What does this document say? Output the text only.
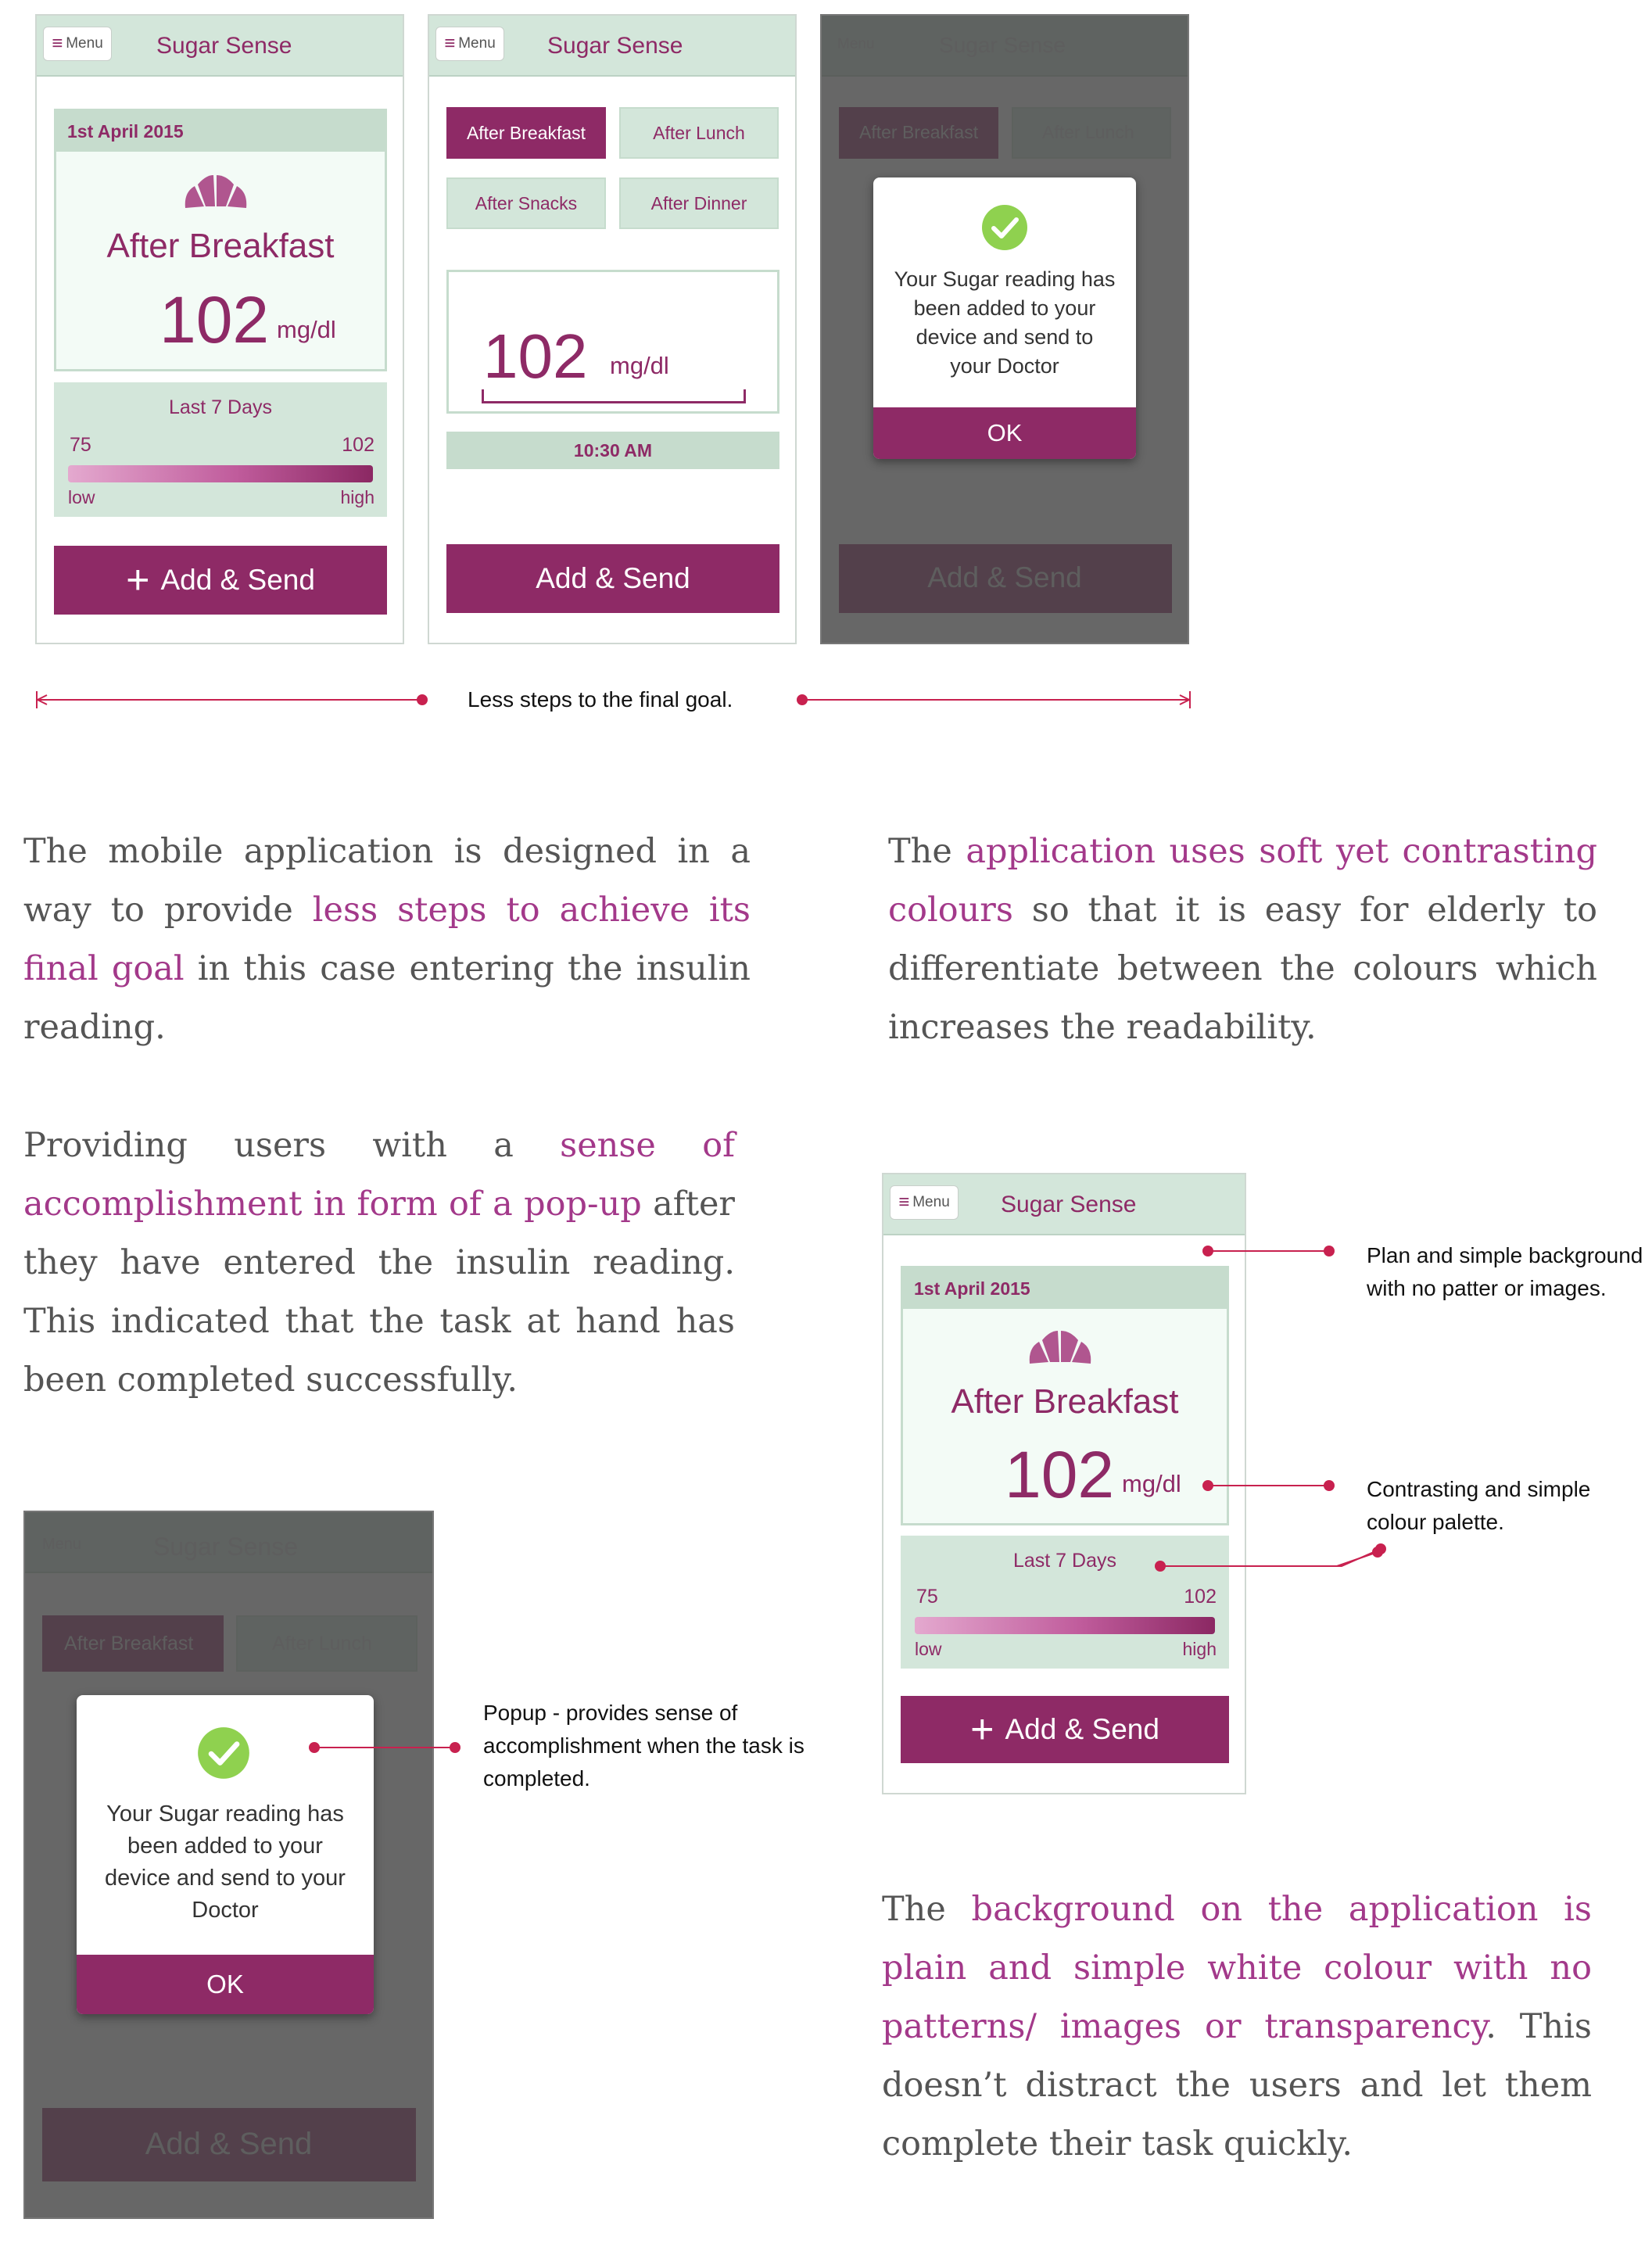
≡ Menu Sugar Sense
1st April 2015
After Breakfast
102 mg/dl
Last 7 Days
75	102
low	high
+ Add & Send
≡ Menu Sugar Sense
After Breakfast	After Lunch
After Snacks	After Dinner
102 mg/dl
10:30 AM
Add & Send
Menu	Sugar Sense
After Breakfast	After Lunch
Add & Send
Your Sugar reading has been added to your device and send to your Doctor
OK
Less steps to the final goal.
The mobile application is designed in a way to provide less steps to achieve its final goal in this case entering the insulin reading.
The application uses soft yet contrasting colours so that it is easy for elderly to differentiate between the colours which increases the readability.
Providing users with a sense of accomplishment in form of a pop-up after they have entered the insulin reading. This indicated that the task at hand has been completed successfully.
The background on the application is plain and simple white colour with no patterns/ images or transparency. This doesn’t distract the users and let them complete their task quickly.
Menu	Sugar Sense
After Breakfast	After Lunch
Add & Send
Your Sugar reading has been added to your device and send to your Doctor
OK
Popup - provides sense of accomplishment when the task is completed.
≡ Menu Sugar Sense
1st April 2015
After Breakfast
102 mg/dl
Last 7 Days
75	102
low	high
+ Add & Send
Plan and simple background with no patter or images.
Contrasting and simple colour palette.
